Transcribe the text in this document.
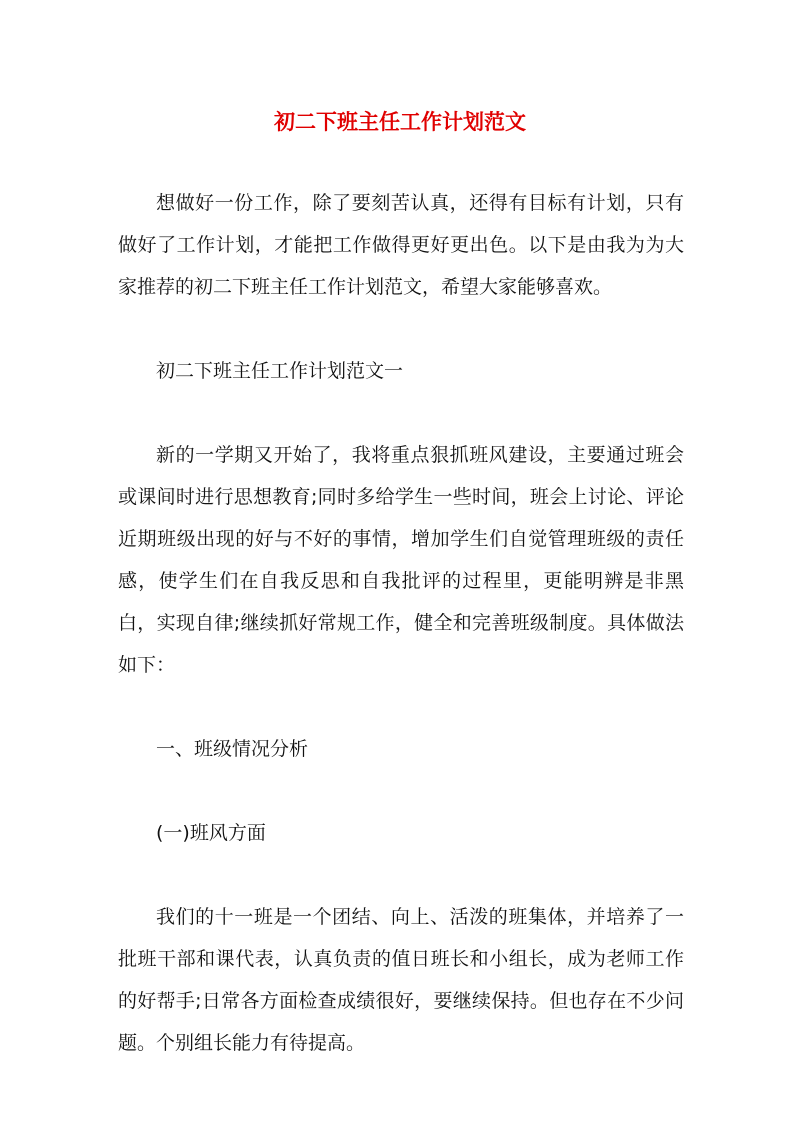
初二下班主任工作计划范文

想做好一份工作，除了要刻苦认真，还得有目标有计划，只有做好了工作计划，才能把工作做得更好更出色。以下是由我为为大家推荐的初二下班主任工作计划范文，希望大家能够喜欢。

初二下班主任工作计划范文一

新的一学期又开始了，我将重点狠抓班风建设，主要通过班会或课间时进行思想教育;同时多给学生一些时间，班会上讨论、评论近期班级出现的好与不好的事情，增加学生们自觉管理班级的责任感，使学生们在自我反思和自我批评的过程里，更能明辨是非黑白，实现自律;继续抓好常规工作，健全和完善班级制度。具体做法如下：

一、班级情况分析

(一)班风方面

我们的十一班是一个团结、向上、活泼的班集体，并培养了一批班干部和课代表，认真负责的值日班长和小组长，成为老师工作的好帮手;日常各方面检查成绩很好，要继续保持。但也存在不少问题。个别组长能力有待提高。
